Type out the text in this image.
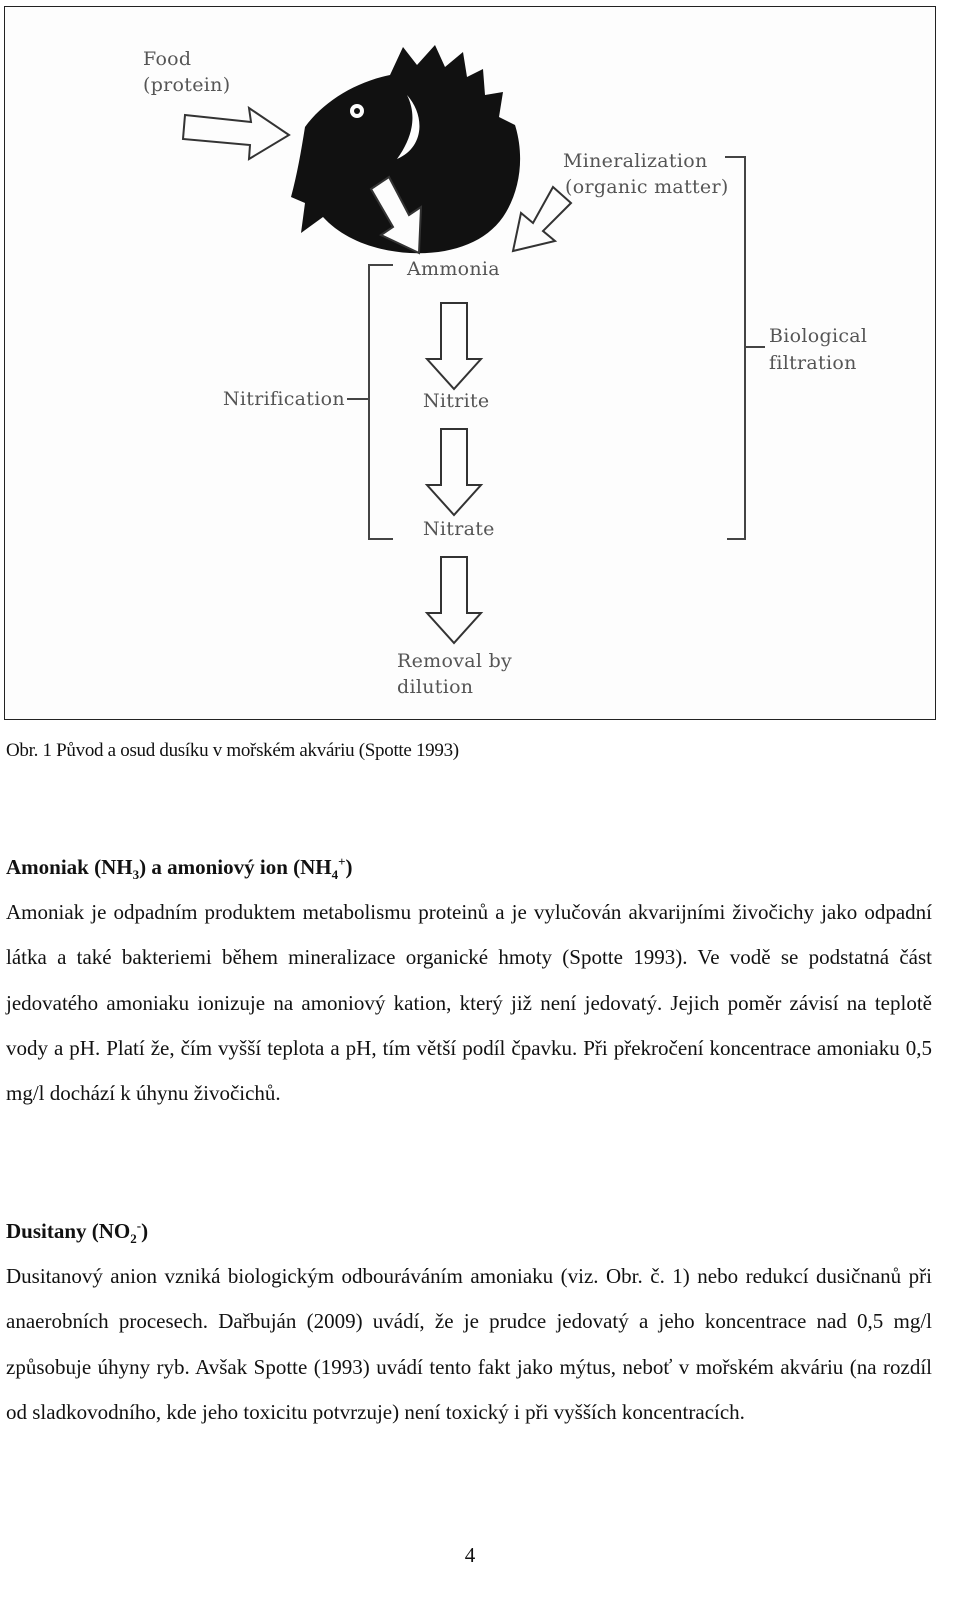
Food
(protein)
Mineralization
(organic matter)
Ammonia
Nitrite
Nitrate
Removal by
dilution
Nitrification
Biological
filtration
Obr. 1 Původ a osud dusíku v mořském akváriu (Spotte 1993)
Amoniak $(NH_3)$ a amoniový ion $(NH_4^+)$

Amoniak je odpadním produktem metabolismu proteinů a je vylučován akvarijními živočichy jako odpadní látka a také bakteriemi během mineralizace organické hmoty (Spotte 1993). Ve vodě se podstatná část jedovatého amoniaku ionizuje na amoniový kation, který již není jedovatý. Jejich poměr závisí na teplotě vody a pH. Platí že, čím vyšší teplota a pH, tím větší podíl čpavku. Při překročení koncentrace amoniaku 0,5 mg/l dochází k úhynu živočichů.

Dusitany $(NO_2^-)$

Dusitanový anion vzniká biologickým odbouráváním amoniaku (viz. Obr. č. 1) nebo redukcí dusičnanů při anaerobních procesech. Dařbuján (2009) uvádí, že je prudce jedovatý a jeho koncentrace nad 0,5 mg/l způsobuje úhyny ryb. Avšak Spotte (1993) uvádí tento fakt jako mýtus, neboť v mořském akváriu (na rozdíl od sladkovodního, kde jeho toxicitu potvrzuje) není toxický i při vyšších koncentracích.

4
